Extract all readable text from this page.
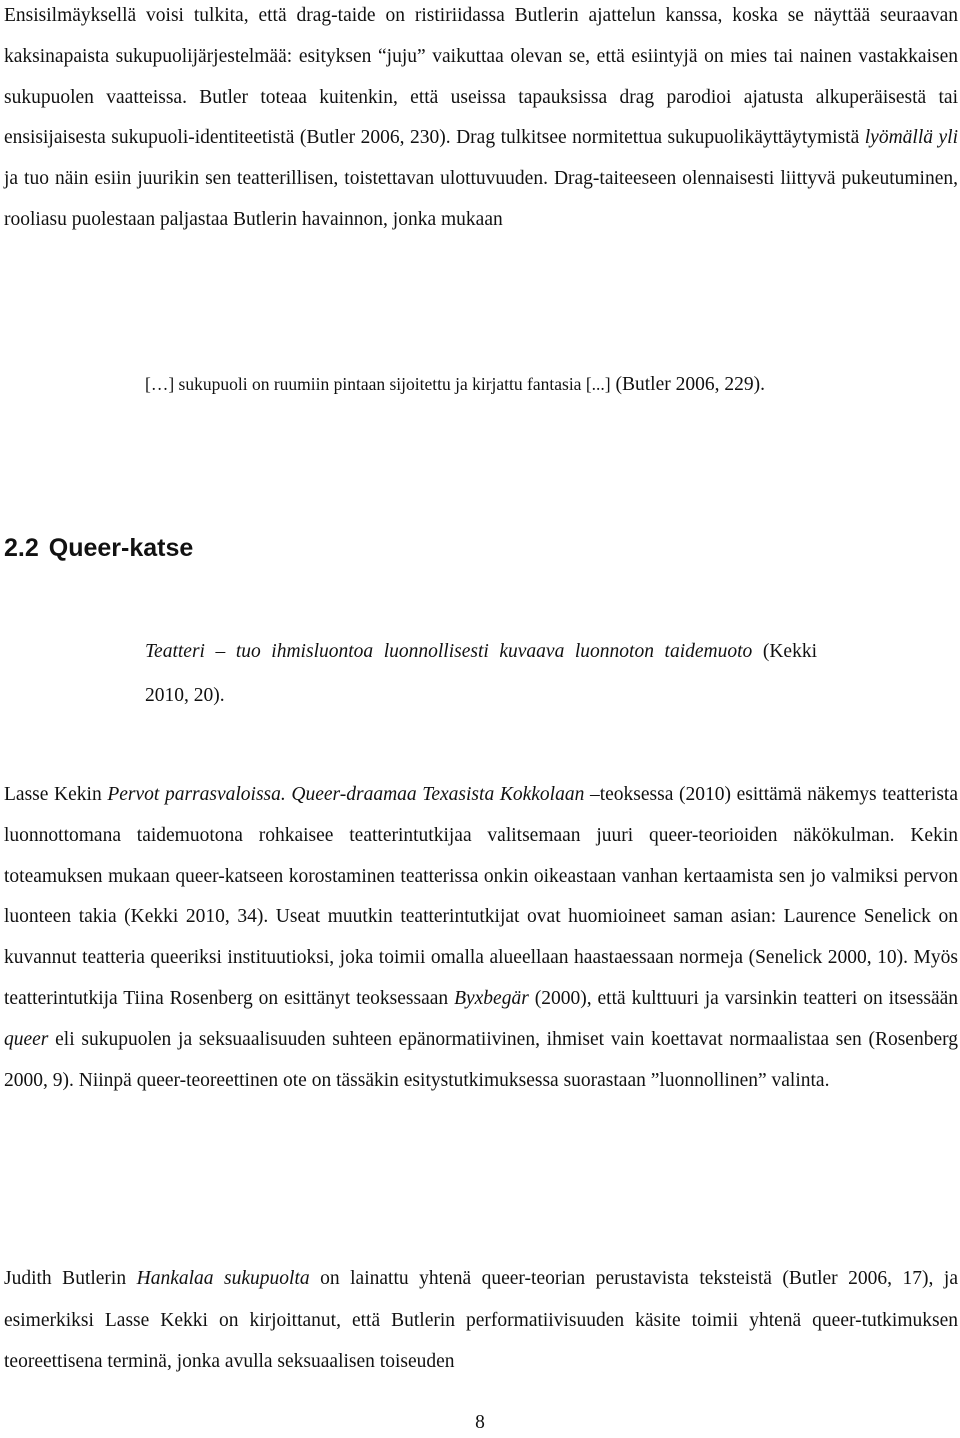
Ensisilmäyksellä voisi tulkita, että drag-taide on ristiriidassa Butlerin ajattelun kanssa, koska se näyttää seuraavan kaksinapaista sukupuolijärjestelmää: esityksen “juju” vaikuttaa olevan se, että esiintyjä on mies tai nainen vastakkaisen sukupuolen vaatteissa. Butler toteaa kuitenkin, että useissa tapauksissa drag parodioi ajatusta alkuperäisestä tai ensisijaisesta sukupuoli-identiteetistä (Butler 2006, 230). Drag tulkitsee normitettua sukupuolikäyttäytymistä lyömällä yli ja tuo näin esiin juurikin sen teatterillisen, toistettavan ulottuvuuden. Drag-taiteeseen olennaisesti liittyvä pukeutuminen, rooliasu puolestaan paljastaa Butlerin havainnon, jonka mukaan

[…] sukupuoli on ruumiin pintaan sijoitettu ja kirjattu fantasia [...] (Butler 2006, 229).

2.2 Queer-katse

Teatteri – tuo ihmisluontoa luonnollisesti kuvaava luonnoton taidemuoto (Kekki 2010, 20).

Lasse Kekin Pervot parrasvaloissa. Queer-draamaa Texasista Kokkolaan –teoksessa (2010) esittämä näkemys teatterista luonnottomana taidemuotona rohkaisee teatterintutkijaa valitsemaan juuri queer-teorioiden näkökulman. Kekin toteamuksen mukaan queer-katseen korostaminen teatterissa onkin oikeastaan vanhan kertaamista sen jo valmiksi pervon luonteen takia (Kekki 2010, 34). Useat muutkin teatterintutkijat ovat huomioineet saman asian: Laurence Senelick on kuvannut teatteria queeriksi instituutioksi, joka toimii omalla alueellaan haastaessaan normeja (Senelick 2000, 10). Myös teatterintutkija Tiina Rosenberg on esittänyt teoksessaan Byxbegär (2000), että kulttuuri ja varsinkin teatteri on itsessään queer eli sukupuolen ja seksuaalisuuden suhteen epänormatiivinen, ihmiset vain koettavat normaalistaa sen (Rosenberg 2000, 9). Niinpä queer-teoreettinen ote on tässäkin esitystutkimuksessa suorastaan ”luonnollinen” valinta.

Judith Butlerin Hankalaa sukupuolta on lainattu yhtenä queer-teorian perustavista teksteistä (Butler 2006, 17), ja esimerkiksi Lasse Kekki on kirjoittanut, että Butlerin performatiivisuuden käsite toimii yhtenä queer-tutkimuksen teoreettisena terminä, jonka avulla seksuaalisen toiseuden

8
